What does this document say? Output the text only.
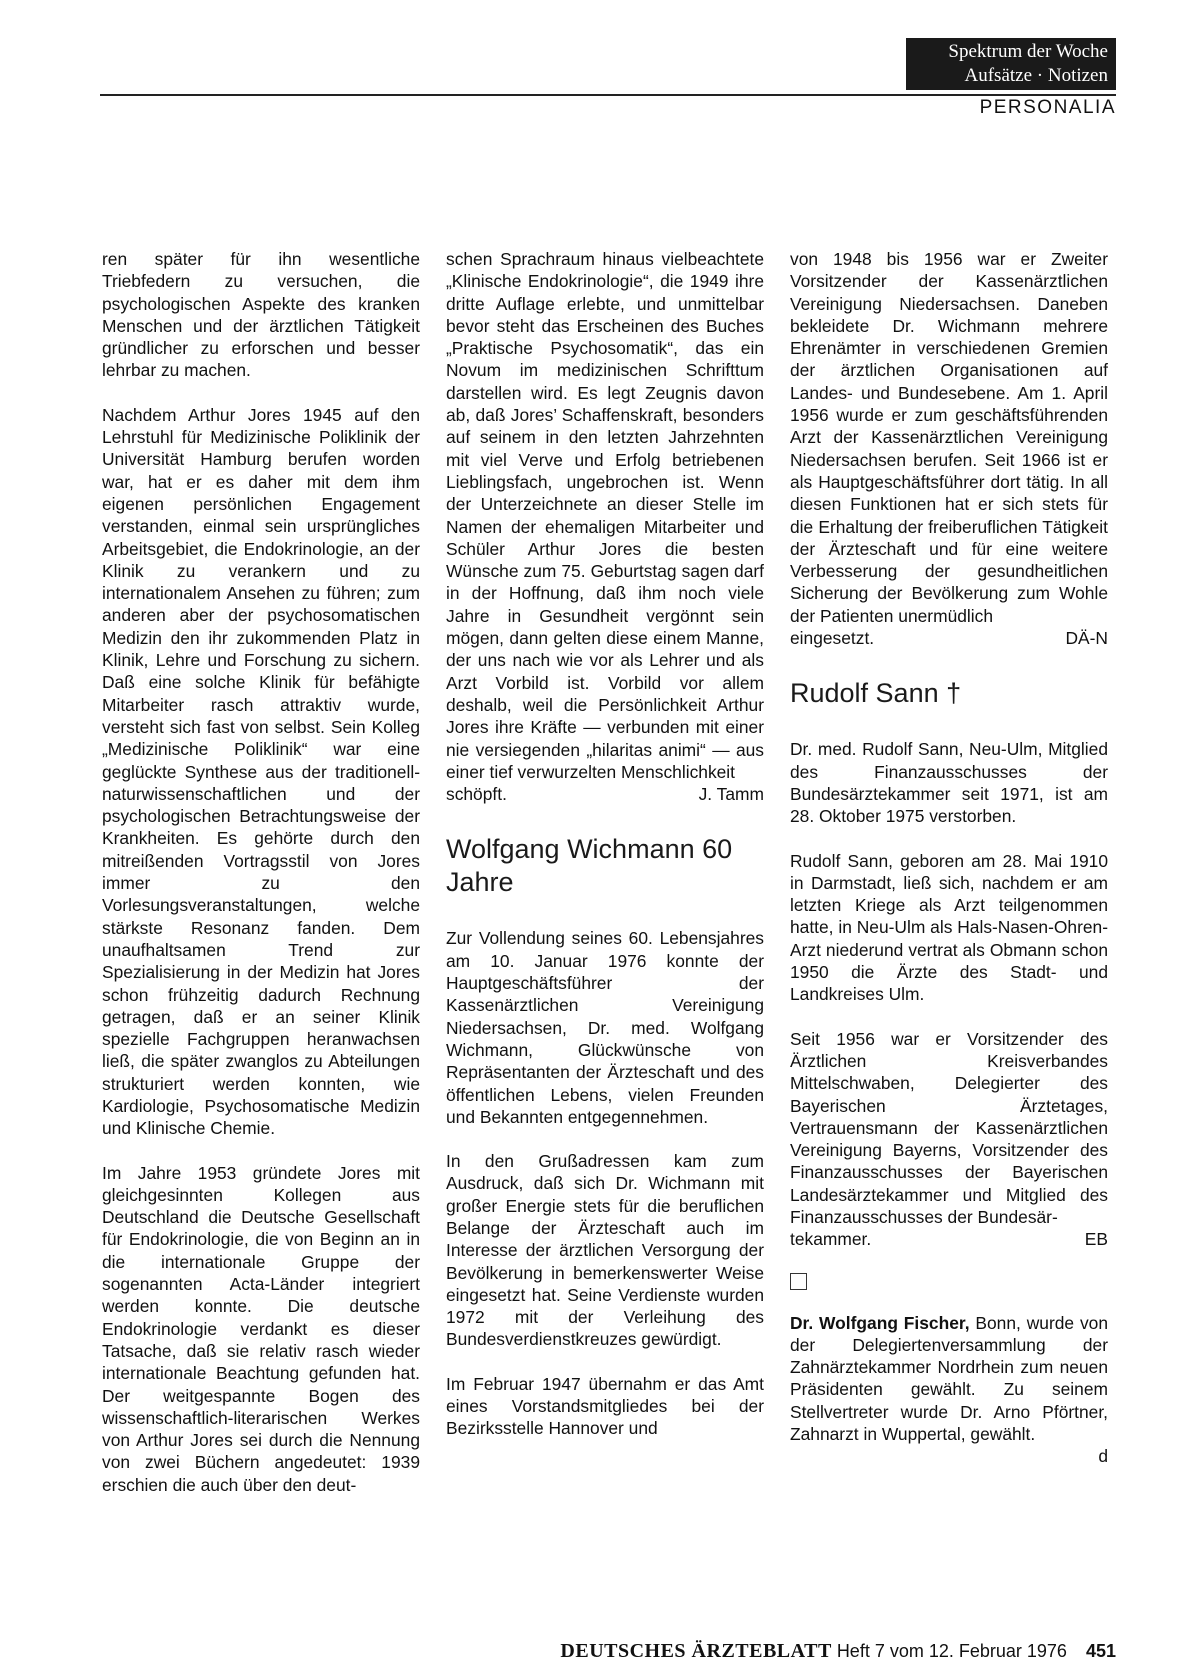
Spektrum der Woche
Aufsätze · Notizen
PERSONALIA

ren später für ihn wesentliche Triebfedern zu versuchen, die psychologischen Aspekte des kranken Menschen und der ärztlichen Tätigkeit gründlicher zu erforschen und besser lehrbar zu machen.

Nachdem Arthur Jores 1945 auf den Lehrstuhl für Medizinische Poliklinik der Universität Hamburg berufen worden war, hat er es daher mit dem ihm eigenen persönlichen Engagement verstanden, einmal sein ursprüngliches Arbeitsgebiet, die Endokrinologie, an der Klinik zu verankern und zu internationalem Ansehen zu führen; zum anderen aber der psychosomatischen Medizin den ihr zukommenden Platz in Klinik, Lehre und Forschung zu sichern. Daß eine solche Klinik für befähigte Mitarbeiter rasch attraktiv wurde, versteht sich fast von selbst. Sein Kolleg „Medizinische Poliklinik“ war eine geglückte Synthese aus der traditionell-naturwissenschaftlichen und der psychologischen Betrachtungsweise der Krankheiten. Es gehörte durch den mitreißenden Vortragsstil von Jores immer zu den Vorlesungsveranstaltungen, welche stärkste Resonanz fanden. Dem unaufhaltsamen Trend zur Spezialisierung in der Medizin hat Jores schon frühzeitig dadurch Rechnung getragen, daß er an seiner Klinik spezielle Fachgruppen heranwachsen ließ, die später zwanglos zu Abteilungen strukturiert werden konnten, wie Kardiologie, Psychosomatische Medizin und Klinische Chemie.

Im Jahre 1953 gründete Jores mit gleichgesinnten Kollegen aus Deutschland die Deutsche Gesellschaft für Endokrinologie, die von Beginn an in die internationale Gruppe der sogenannten Acta-Länder integriert werden konnte. Die deutsche Endokrinologie verdankt es dieser Tatsache, daß sie relativ rasch wieder internationale Beachtung gefunden hat. Der weitgespannte Bogen des wissenschaftlich-literarischen Werkes von Arthur Jores sei durch die Nennung von zwei Büchern angedeutet: 1939 erschien die auch über den deut-

schen Sprachraum hinaus vielbeachtete „Klinische Endokrinologie“, die 1949 ihre dritte Auflage erlebte, und unmittelbar bevor steht das Erscheinen des Buches „Praktische Psychosomatik“, das ein Novum im medizinischen Schrifttum darstellen wird. Es legt Zeugnis davon ab, daß Jores’ Schaffenskraft, besonders auf seinem in den letzten Jahrzehnten mit viel Verve und Erfolg betriebenen Lieblingsfach, ungebrochen ist. Wenn der Unterzeichnete an dieser Stelle im Namen der ehemaligen Mitarbeiter und Schüler Arthur Jores die besten Wünsche zum 75. Geburtstag sagen darf in der Hoffnung, daß ihm noch viele Jahre in Gesundheit vergönnt sein mögen, dann gelten diese einem Manne, der uns nach wie vor als Lehrer und als Arzt Vorbild ist. Vorbild vor allem deshalb, weil die Persönlichkeit Arthur Jores ihre Kräfte — verbunden mit einer nie versiegenden „hilaritas animi“ — aus einer tief verwurzelten Menschlichkeit

schöpft.	J. Tamm
Wolfgang Wichmann 60 Jahre

Zur Vollendung seines 60. Lebensjahres am 10. Januar 1976 konnte der Hauptgeschäftsführer der Kassenärztlichen Vereinigung Niedersachsen, Dr. med. Wolfgang Wichmann, Glückwünsche von Repräsentanten der Ärzteschaft und des öffentlichen Lebens, vielen Freunden und Bekannten entgegennehmen.

In den Grußadressen kam zum Ausdruck, daß sich Dr. Wichmann mit großer Energie stets für die beruflichen Belange der Ärzteschaft auch im Interesse der ärztlichen Versorgung der Bevölkerung in bemerkenswerter Weise eingesetzt hat. Seine Verdienste wurden 1972 mit der Verleihung des Bundesverdienstkreuzes gewürdigt.

Im Februar 1947 übernahm er das Amt eines Vorstandsmitgliedes bei der Bezirksstelle Hannover und

von 1948 bis 1956 war er Zweiter Vorsitzender der Kassenärztlichen Vereinigung Niedersachsen. Daneben bekleidete Dr. Wichmann mehrere Ehrenämter in verschiedenen Gremien der ärztlichen Organisationen auf Landes- und Bundesebene. Am 1. April 1956 wurde er zum geschäftsführenden Arzt der Kassenärztlichen Vereinigung Niedersachsen berufen. Seit 1966 ist er als Hauptgeschäftsführer dort tätig. In all diesen Funktionen hat er sich stets für die Erhaltung der freiberuflichen Tätigkeit der Ärzteschaft und für eine weitere Verbesserung der gesundheitlichen Sicherung der Bevölkerung zum Wohle der Patienten unermüdlich

eingesetzt.	DÄ-N
Rudolf Sann †

Dr. med. Rudolf Sann, Neu-Ulm, Mitglied des Finanzausschusses der Bundesärztekammer seit 1971, ist am 28. Oktober 1975 verstorben.

Rudolf Sann, geboren am 28. Mai 1910 in Darmstadt, ließ sich, nachdem er am letzten Kriege als Arzt teilgenommen hatte, in Neu-Ulm als Hals-Nasen-Ohren-Arzt niederund vertrat als Obmann schon 1950 die Ärzte des Stadt- und Landkreises Ulm.

Seit 1956 war er Vorsitzender des Ärztlichen Kreisverbandes Mittelschwaben, Delegierter des Bayerischen Ärztetages, Vertrauensmann der Kassenärztlichen Vereinigung Bayerns, Vorsitzender des Finanzausschusses der Bayerischen Landesärztekammer und Mitglied des Finanzausschusses der Bundesär-

tekammer.	EB

Dr. Wolfgang Fischer, Bonn, wurde von der Delegiertenversammlung der Zahnärztekammer Nordrhein zum neuen Präsidenten gewählt. Zu seinem Stellvertreter wurde Dr. Arno Pförtner, Zahnarzt in Wuppertal, gewählt.

d
DEUTSCHES ÄRZTEBLATT Heft 7 vom 12. Februar 1976 451
